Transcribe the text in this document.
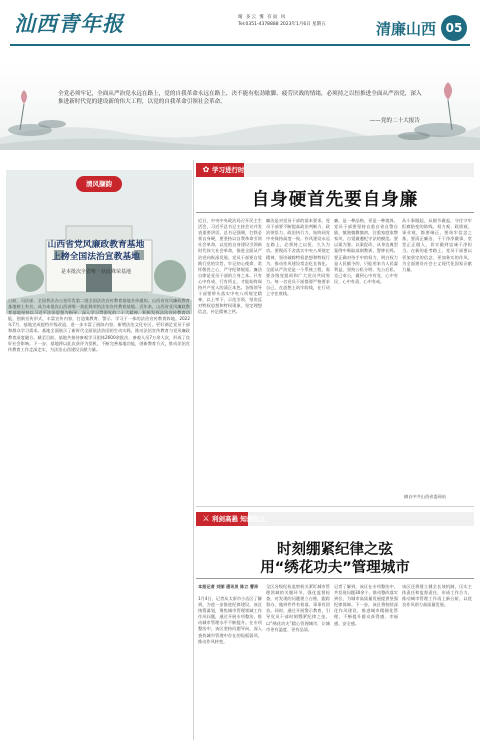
汕西青年报	晴 多云 雾 有雨 风
Tel:0351-4378888 2023年1月6日 星期五	清廉山西 05
全党必须牢记，全面从严治党永远在路上，党的自我革命永远在路上，决不能有松劲歇脚、疲劳厌战的情绪，必须持之以恒推进全面从严治党，深入推进新时代党的建设新的伟大工程，以党的自我革命引领社会革命。
——党的二十大报告
清风撷韵
山西省党风廉政教育基地
上榜全国法治宣教基地
是本批次全省唯一获此殊荣基地
日前，司法部、全国普法办公室印发第二批全国法治宣传教育基地名单通知，山西省党风廉政教育基地榜上有名，成为本批次山西省唯一获此殊荣的法治宣传教育基地。近年来，山西省党风廉政教育基地坚持以习近平法治思想为指导，深入学习贯彻党的二十大精神，积极发挥法治宣传教育功能，创新宣传形式，丰富宣传内容，打造集教育、警示、学习于一体的法治宣传教育阵地。2022年7月，基地完成提档升级改造，进一步丰富了展陈内容，新增法治文化专区，更好满足党员干部和群众学习需求。基地全面展示了新时代全面依法治国的生动实践，推动法治宣传教育与党风廉政教育深度融合。截至目前，基地共接待参观学习团体2600余批次、参观人员7万余人次，形成了良好社会影响。下一步，基地将以此次获评为契机，不断完善基地功能，创新教育方式，推动法治宣传教育工作走深走实，为法治山西建设贡献力量。
✿ 学习进行时
自身硬首先要自身廉
近日，中央中央政治局召开民主生活会，习近平总书记主持会议并发表重要讲话。总书记强调，打铁必须自身硬，要坚持以自我革命引领社会革命，以党的自身建设引领新时代伟大社会革命，推进全面从严治党向纵深发展。党员干部要自觉践行党的宗旨，牢记初心使命，常怀敬畏之心，严守纪律规矩。廉洁自律是党员干部的立身之本。只有心中有戒、行有所止，才能始终保持共产党人的清正本色。各级领导干部要带头落实中央八项规定精神，以上率下，示范引领，坚决反对特权思想和特权现象，坚定理想信念，补足精神之钙。
廉洁是对党员干部的基本要求。党员干部要不断提高政治判断力、政治领悟力、政治执行力，始终同党中央保持高度一致。作风建设永远在路上，必须持之以恒、久久为功。要锲而不舍落实中央八项规定精神，坚决破除特权思想和特权行为，推动作风建设常态化长效化。全面从严治党是一个系统工程，需要各级党组织和广大党员共同努力。每一名党员干部都要严格要求自己，在思想上筑牢防线，在行动上守住底线。
廉，是一种品格，更是一种境界。党员干部要坚持自重自省自警自励，慎独慎微慎初，注重家庭家教家风，自觉做遵纪守法的模范。要以案为鉴、以案促改，从身边典型案例中吸取深刻教训，警钟长鸣。要正确对待手中的权力，明白权力是人民赋予的，只能用来为人民谋利益，坚持公私分明、先公后私、克己奉公，做到心中有党、心中有民、心中有责、心中有戒。
从小事做起，从细节做起，守住守牢拒腐防变的防线。权力观、政绩观、事业观，都要端正，要筑牢信念之基，要清正廉洁，干干净净做事，堂堂正正做人，切实做到忠诚干净担当。在新的赶考路上，党员干部要以更加坚定的信念、更加务实的作风，为全面建设社会主义现代化国家贡献力量。
摘自中共山西省委网站
⚔ 利剑高悬 知规知止
时刻绷紧纪律之弦
用“绣花功夫”管理城市
本报记者 刘丽 通讯员 陈立 曹沛
1月4日，记者从太原市小店区了解到，为进一步推进纪律建设，该区统筹谋划，聚焦城市管理领域工作作风问题，通过开展专项整治，推动城市管理水平不断提升。在专项整治中，该区坚持问题导向，深入查找城市管理中存在的短板弱项，推动作风转变。
全区各级纪检监察机关紧盯城市管理领域的关键环节，强化监督检查，对发现的问题建立台账，跟踪督办，做到件件有着落、事事有回音。同时，通过开展警示教育，引导党员干部时刻绷紧纪律之弦，以“绣花功夫”精心管理城市，让城市更有温度、更有品质。
记者了解到，该区在专项整治中，共发现问题30余个，推动整改落实到位，为城市高质量发展提供坚强纪律保障。下一步，该区将持续深化作风建设，推进城市精细化管理，不断提升群众获得感、幸福感、安全感。
该区还将建立健全长效机制，压实主体责任和监督责任，形成工作合力，推动城市管理工作再上新台阶，以优良作风助力高质量发展。
